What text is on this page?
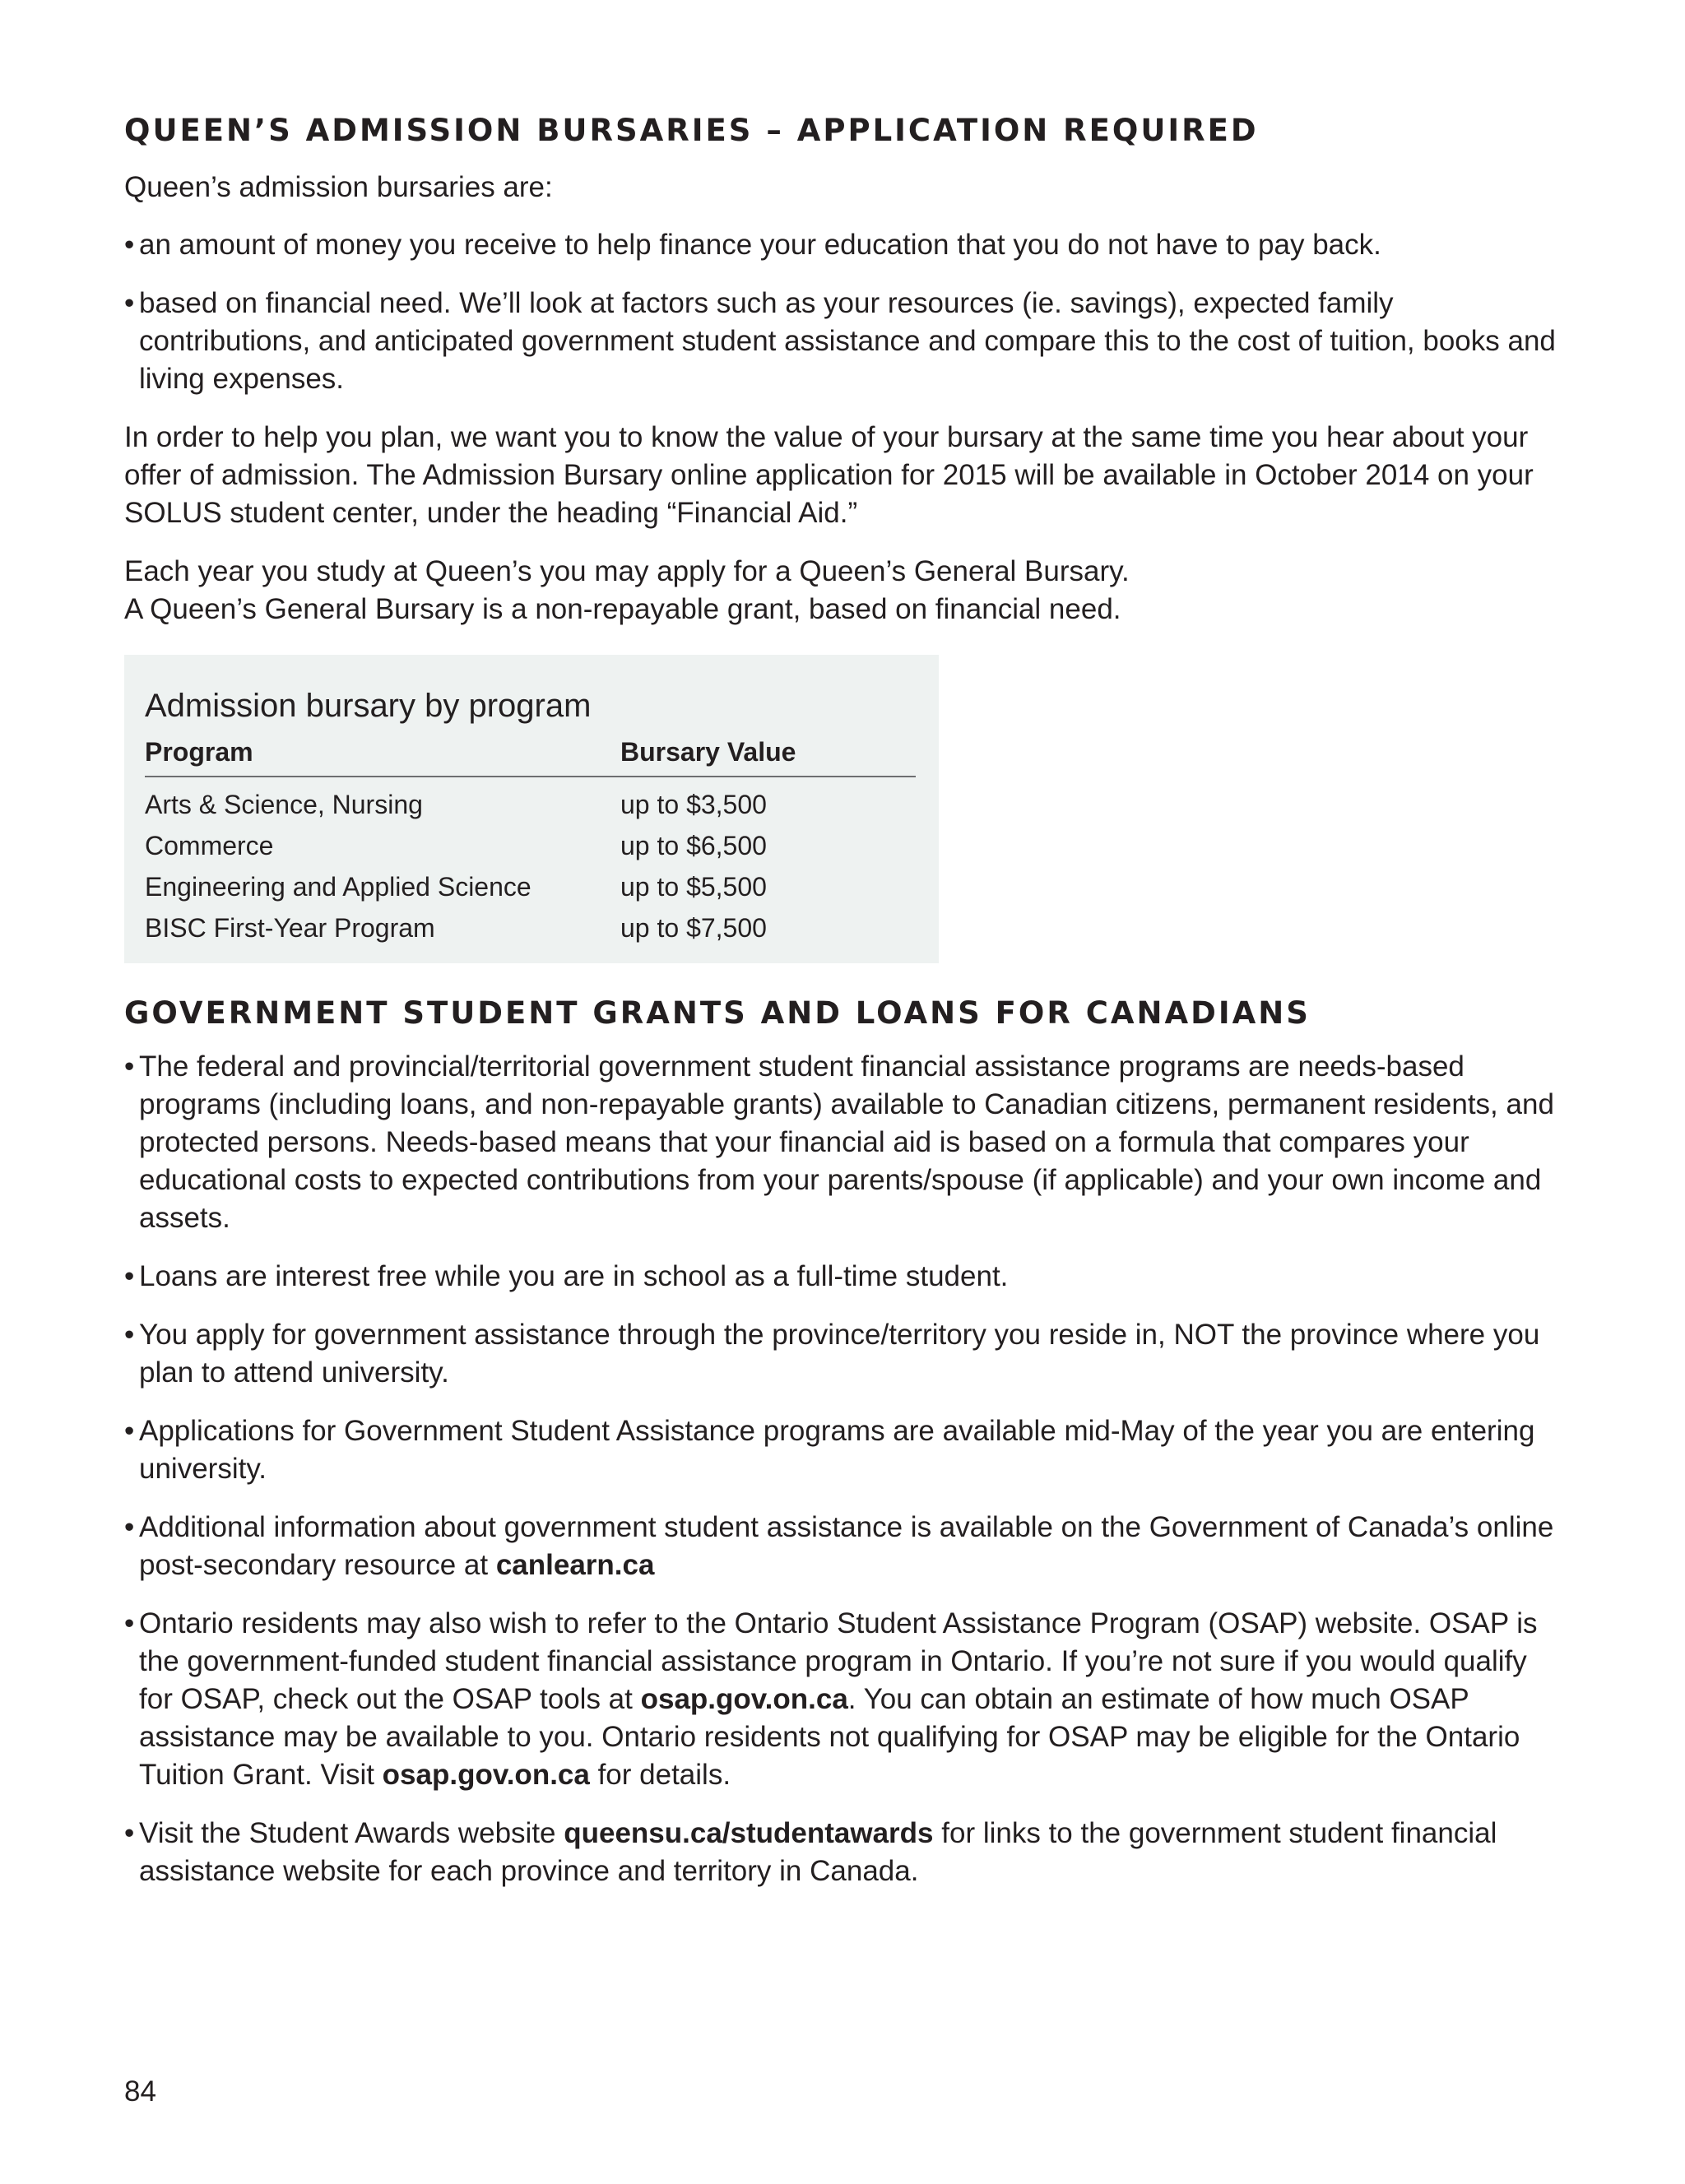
QUEEN’S ADMISSION BURSARIES – APPLICATION REQUIRED

Queen’s admission bursaries are:

• an amount of money you receive to help finance your education that you do not have to pay back.
• based on financial need. We’ll look at factors such as your resources (ie. savings), expected family contributions, and anticipated government student assistance and compare this to the cost of tuition, books and living expenses.

In order to help you plan, we want you to know the value of your bursary at the same time you hear about your offer of admission. The Admission Bursary online application for 2015 will be available in October 2014 on your SOLUS student center, under the heading “Financial Aid.”

Each year you study at Queen’s you may apply for a Queen’s General Bursary.

A Queen’s General Bursary is a non-repayable grant, based on financial need.

Admission bursary by program
Program	Bursary Value
Arts & Science, Nursing	up to $3,500
Commerce	up to $6,500
Engineering and Applied Science	up to $5,500
BISC First-Year Program	up to $7,500
GOVERNMENT STUDENT GRANTS AND LOANS FOR CANADIANS
• The federal and provincial/territorial government student financial assistance programs are needs-based programs (including loans, and non-repayable grants) available to Canadian citizens, permanent residents, and protected persons. Needs-based means that your financial aid is based on a formula that compares your educational costs to expected contributions from your parents/spouse (if applicable) and your own income and assets.
• Loans are interest free while you are in school as a full-time student.
• You apply for government assistance through the province/territory you reside in, NOT the province where you plan to attend university.
• Applications for Government Student Assistance programs are available mid-May of the year you are entering university.
• Additional information about government student assistance is available on the Government of Canada’s online post-secondary resource at canlearn.ca
• Ontario residents may also wish to refer to the Ontario Student Assistance Program (OSAP) website. OSAP is the government-funded student financial assistance program in Ontario. If you’re not sure if you would qualify for OSAP, check out the OSAP tools at osap.gov.on.ca. You can obtain an estimate of how much OSAP assistance may be available to you. Ontario residents not qualifying for OSAP may be eligible for the Ontario Tuition Grant. Visit osap.gov.on.ca for details.
• Visit the Student Awards website queensu.ca/studentawards for links to the government student financial assistance website for each province and territory in Canada.
84
